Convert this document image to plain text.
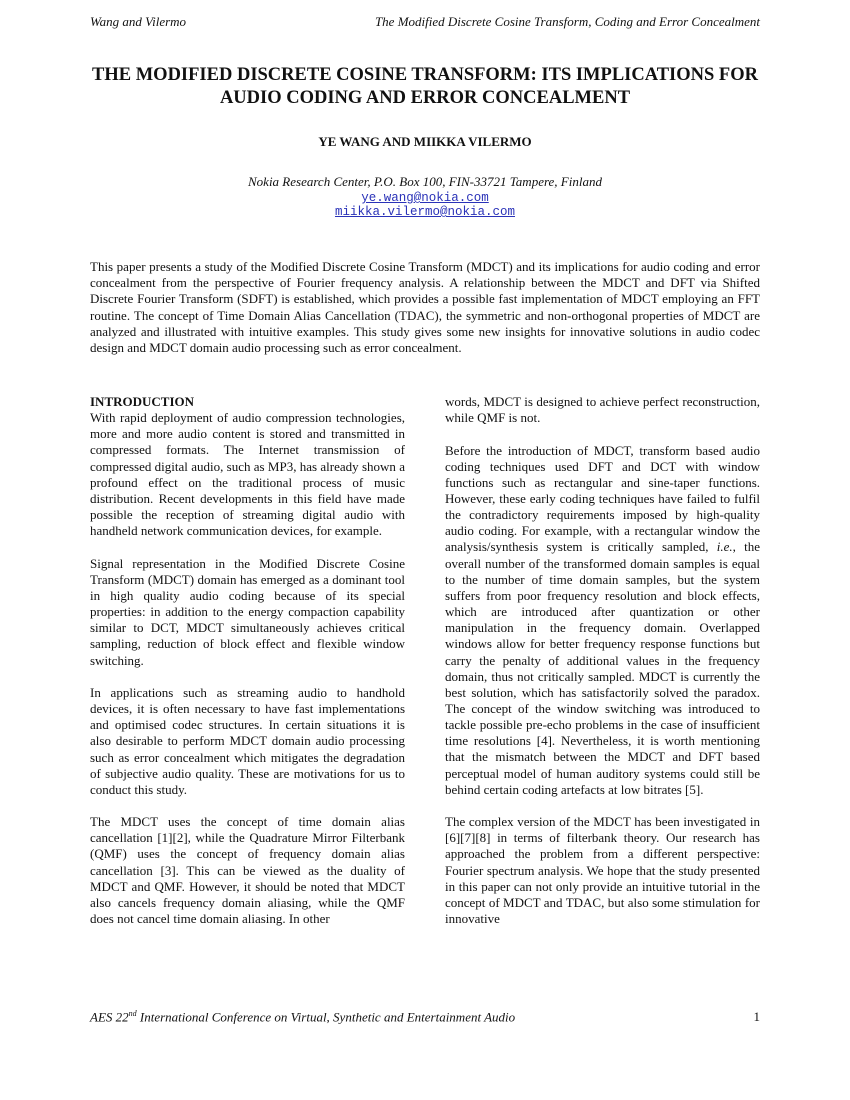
Wang and Vilermo	The Modified Discrete Cosine Transform, Coding and Error Concealment
THE MODIFIED DISCRETE COSINE TRANSFORM: ITS IMPLICATIONS FOR AUDIO CODING AND ERROR CONCEALMENT
YE WANG AND MIIKKA VILERMO
Nokia Research Center, P.O. Box 100, FIN-33721 Tampere, Finland
ye.wang@nokia.com
miikka.vilermo@nokia.com

This paper presents a study of the Modified Discrete Cosine Transform (MDCT) and its implications for audio coding and error concealment from the perspective of Fourier frequency analysis. A relationship between the MDCT and DFT via Shifted Discrete Fourier Transform (SDFT) is established, which provides a possible fast implementation of MDCT employing an FFT routine. The concept of Time Domain Alias Cancellation (TDAC), the symmetric and non-orthogonal properties of MDCT are analyzed and illustrated with intuitive examples. This study gives some new insights for innovative solutions in audio codec design and MDCT domain audio processing such as error concealment.

INTRODUCTION

With rapid deployment of audio compression technologies, more and more audio content is stored and transmitted in compressed formats. The Internet transmission of compressed digital audio, such as MP3, has already shown a profound effect on the traditional process of music distribution. Recent developments in this field have made possible the reception of streaming digital audio with handheld network communication devices, for example.

Signal representation in the Modified Discrete Cosine Transform (MDCT) domain has emerged as a dominant tool in high quality audio coding because of its special properties: in addition to the energy compaction capability similar to DCT, MDCT simultaneously achieves critical sampling, reduction of block effect and flexible window switching.

In applications such as streaming audio to handhold devices, it is often necessary to have fast implementations and optimised codec structures. In certain situations it is also desirable to perform MDCT domain audio processing such as error concealment which mitigates the degradation of subjective audio quality. These are motivations for us to conduct this study.

The MDCT uses the concept of time domain alias cancellation [1][2], while the Quadrature Mirror Filterbank (QMF) uses the concept of frequency domain alias cancellation [3]. This can be viewed as the duality of MDCT and QMF. However, it should be noted that MDCT also cancels frequency domain aliasing, while the QMF does not cancel time domain aliasing. In other

words, MDCT is designed to achieve perfect reconstruction, while QMF is not.

Before the introduction of MDCT, transform based audio coding techniques used DFT and DCT with window functions such as rectangular and sine-taper functions. However, these early coding techniques have failed to fulfil the contradictory requirements imposed by high-quality audio coding. For example, with a rectangular window the analysis/synthesis system is critically sampled, i.e., the overall number of the transformed domain samples is equal to the number of time domain samples, but the system suffers from poor frequency resolution and block effects, which are introduced after quantization or other manipulation in the frequency domain. Overlapped windows allow for better frequency response functions but carry the penalty of additional values in the frequency domain, thus not critically sampled. MDCT is currently the best solution, which has satisfactorily solved the paradox. The concept of the window switching was introduced to tackle possible pre-echo problems in the case of insufficient time resolutions [4]. Nevertheless, it is worth mentioning that the mismatch between the MDCT and DFT based perceptual model of human auditory systems could still be behind certain coding artefacts at low bitrates [5].

The complex version of the MDCT has been investigated in [6][7][8] in terms of filterbank theory. Our research has approached the problem from a different perspective: Fourier spectrum analysis. We hope that the study presented in this paper can not only provide an intuitive tutorial in the concept of MDCT and TDAC, but also some stimulation for innovative

AES 22nd International Conference on Virtual, Synthetic and Entertainment Audio	1
